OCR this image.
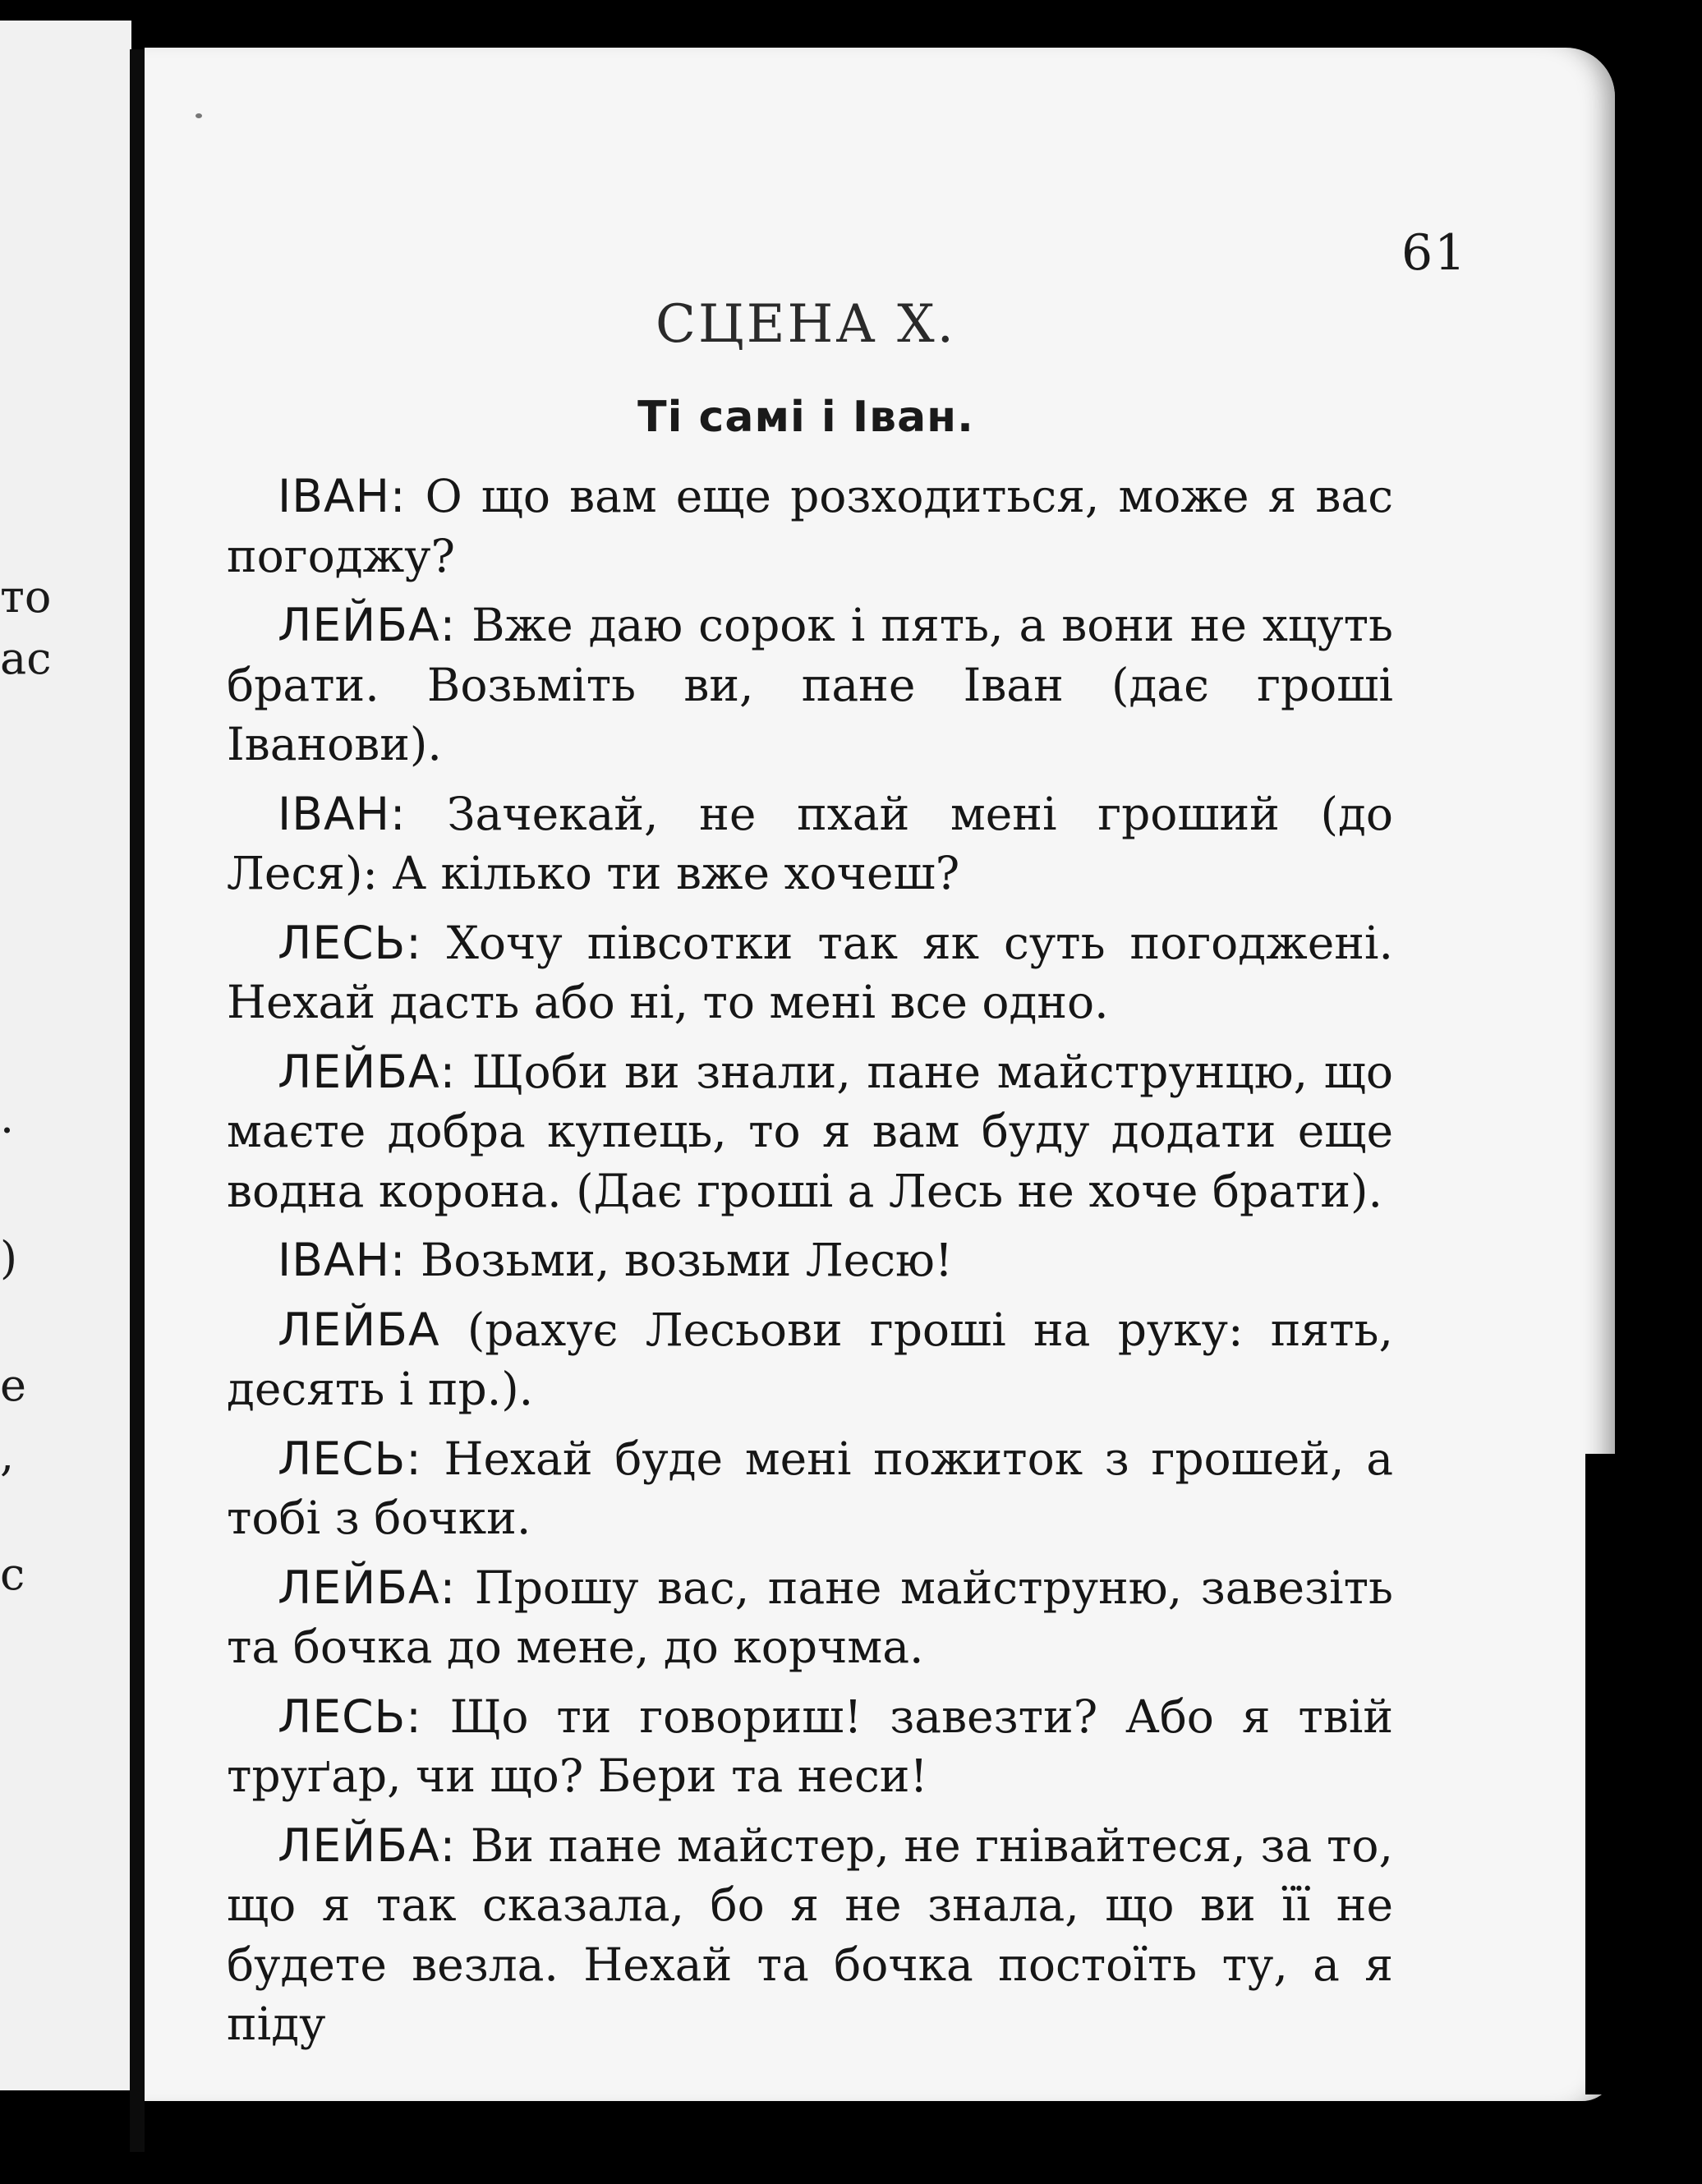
то
ас
·
)
е
,
с
61
СЦЕНА X.
Ті самі і Іван.

ІВАН: О що вам еще розходиться, може я вас погоджу?

ЛЕЙБА: Вже даю сорок і пять, а вони не хцуть брати. Возьміть ви, пане Іван (дає гроші Іванови).

ІВАН: Зачекай, не пхай мені гроший (до Леся): А кілько ти вже хочеш?

ЛЕСЬ: Хочу півсотки так як суть погоджені. Нехай дасть або ні, то мені все одно.

ЛЕЙБА: Щоби ви знали, пане майструнцю, що маєте добра купець, то я вам буду додати еще водна корона. (Дає гроші а Лесь не хоче брати).

ІВАН: Возьми, возьми Лесю!

ЛЕЙБА (рахує Лесьови гроші на руку: пять, десять і пр.).

ЛЕСЬ: Нехай буде мені пожиток з грошей, а тобі з бочки.

ЛЕЙБА: Прошу вас, пане майструню, завезіть та бочка до мене, до корчма.

ЛЕСЬ: Що ти говориш! завезти? Або я твій труґар, чи що? Бери та неси!

ЛЕЙБА: Ви пане майстер, не гнівайтеся, за то, що я так сказала, бо я не знала, що ви її не будете везла. Нехай та бочка постоїть ту, а я піду
